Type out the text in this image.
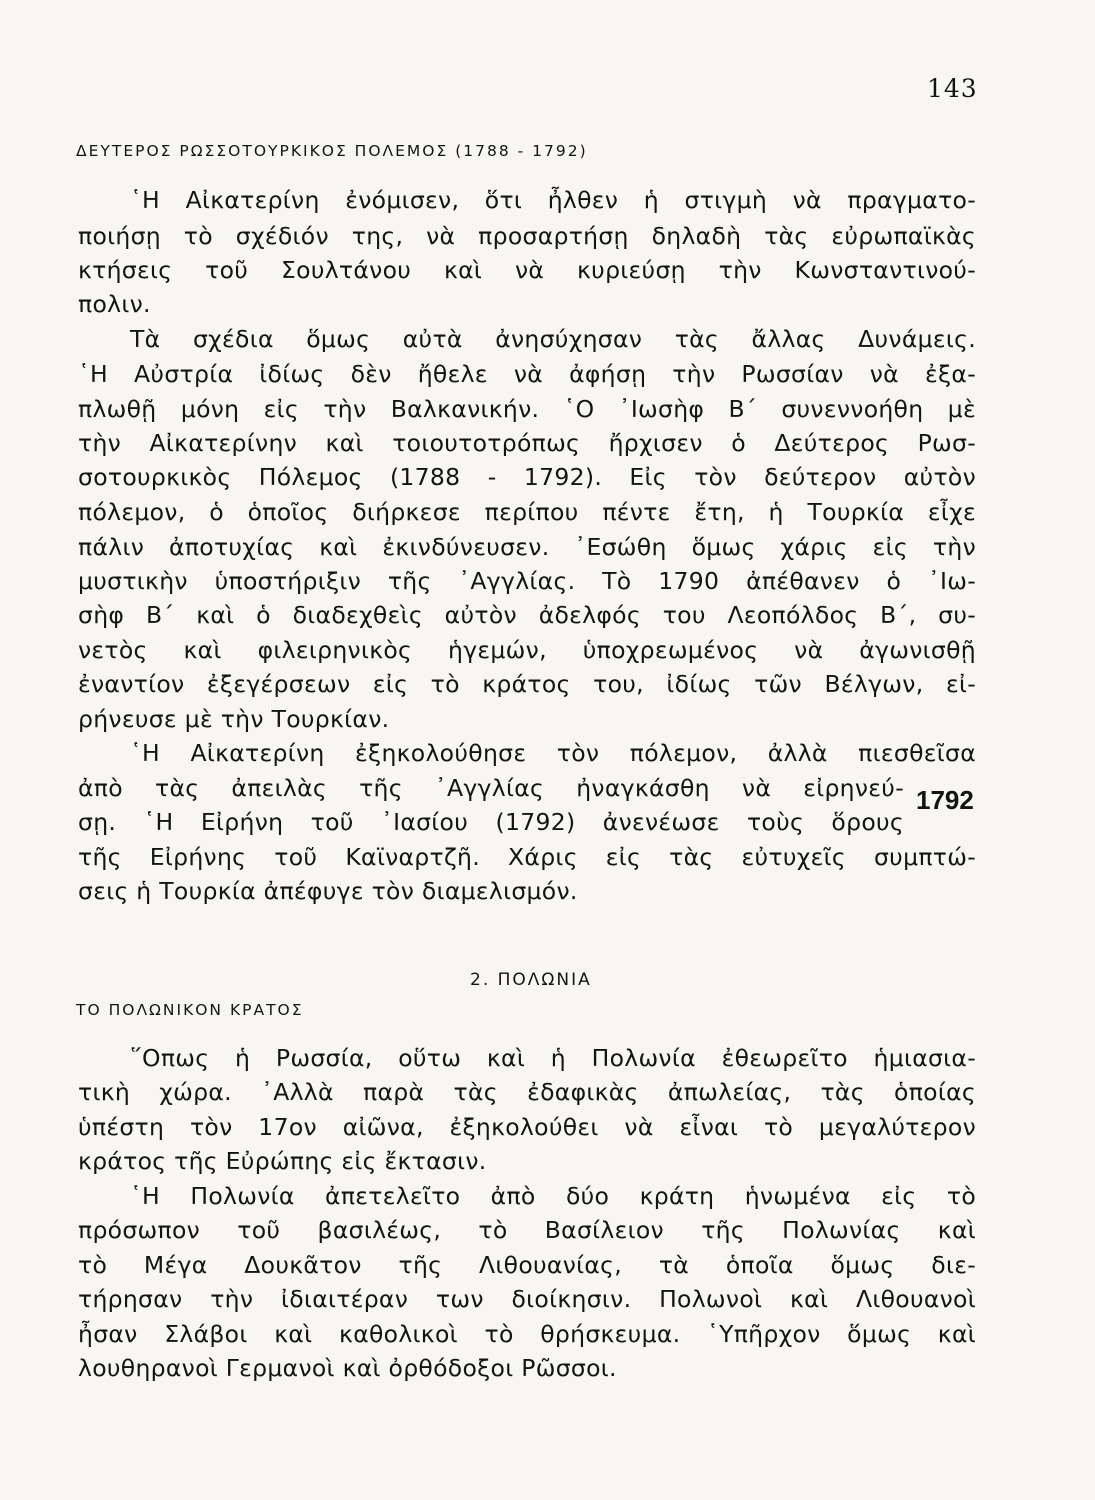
143
ΔΕΥΤΕΡΟΣ ΡΩΣΣΟΤΟΥΡΚΙΚΟΣ ΠΟΛΕΜΟΣ (1788 - 1792)
῾Η Αἰκατερίνη ἐνόμισεν, ὅτι ἦλθεν ἡ στιγμὴ νὰ πραγματο-
ποιήσῃ τὸ σχέδιόν της, νὰ προσαρτήσῃ δηλαδὴ τὰς εὐρωπαϊκὰς
κτήσεις τοῦ Σουλτάνου καὶ νὰ κυριεύσῃ τὴν Κωνσταντινού-
πολιν.
Τὰ σχέδια ὅμως αὐτὰ ἀνησύχησαν τὰς ἄλλας Δυνάμεις.
῾Η Αὐστρία ἰδίως δὲν ἤθελε νὰ ἀφήσῃ τὴν Ρωσσίαν νὰ ἐξα-
πλωθῇ μόνη εἰς τὴν Βαλκανικήν. ῾Ο ᾿Ιωσὴφ Β´ συνεννοήθη μὲ
τὴν Αἰκατερίνην καὶ τοιουτοτρόπως ἤρχισεν ὁ Δεύτερος Ρωσ-
σοτουρκικὸς Πόλεμος (1788 - 1792). Εἰς τὸν δεύτερον αὐτὸν
πόλεμον, ὁ ὁποῖος διήρκεσε περίπου πέντε ἔτη, ἡ Τουρκία εἶχε
πάλιν ἀποτυχίας καὶ ἐκινδύνευσεν. ᾿Εσώθη ὅμως χάρις εἰς τὴν
μυστικὴν ὑποστήριξιν τῆς ᾿Αγγλίας. Τὸ 1790 ἀπέθανεν ὁ ᾿Ιω-
σὴφ Β´ καὶ ὁ διαδεχθεὶς αὐτὸν ἀδελφός του Λεοπόλδος Β´, συ-
νετὸς καὶ φιλειρηνικὸς ἡγεμών, ὑποχρεωμένος νὰ ἀγωνισθῇ
ἐναντίον ἐξεγέρσεων εἰς τὸ κράτος του, ἰδίως τῶν Βέλγων, εἰ-
ρήνευσε μὲ τὴν Τουρκίαν.
῾Η Αἰκατερίνη ἐξηκολούθησε τὸν πόλεμον, ἀλλὰ πιεσθεῖσα
ἀπὸ τὰς ἀπειλὰς τῆς ᾿Αγγλίας ἠναγκάσθη νὰ εἰρηνεύ-
σῃ. ῾Η Εἰρήνη τοῦ ᾿Ιασίου (1792) ἀνενέωσε τοὺς ὅρους
τῆς Εἰρήνης τοῦ Καϊναρτζῆ. Χάρις εἰς τὰς εὐτυχεῖς συμπτώ-
σεις ἡ Τουρκία ἀπέφυγε τὸν διαμελισμόν.
1792
2. ΠΟΛΩΝΙΑ
ΤΟ ΠΟΛΩΝΙΚΟΝ ΚΡΑΤΟΣ
῞Οπως ἡ Ρωσσία, οὕτω καὶ ἡ Πολωνία ἐθεωρεῖτο ἡμιασια-
τικὴ χώρα. ᾿Αλλὰ παρὰ τὰς ἐδαφικὰς ἀπωλείας, τὰς ὁποίας
ὑπέστη τὸν 17ον αἰῶνα, ἐξηκολούθει νὰ εἶναι τὸ μεγαλύτερον
κράτος τῆς Εὐρώπης εἰς ἔκτασιν.
῾Η Πολωνία ἀπετελεῖτο ἀπὸ δύο κράτη ἡνωμένα εἰς τὸ
πρόσωπον τοῦ βασιλέως, τὸ Βασίλειον τῆς Πολωνίας καὶ
τὸ Μέγα Δουκᾶτον τῆς Λιθουανίας, τὰ ὁποῖα ὅμως διε-
τήρησαν τὴν ἰδιαιτέραν των διοίκησιν. Πολωνοὶ καὶ Λιθουανοὶ
ἦσαν Σλάβοι καὶ καθολικοὶ τὸ θρήσκευμα. ῾Υπῆρχον ὅμως καὶ
λουθηρανοὶ Γερμανοὶ καὶ ὀρθόδοξοι Ρῶσσοι.
